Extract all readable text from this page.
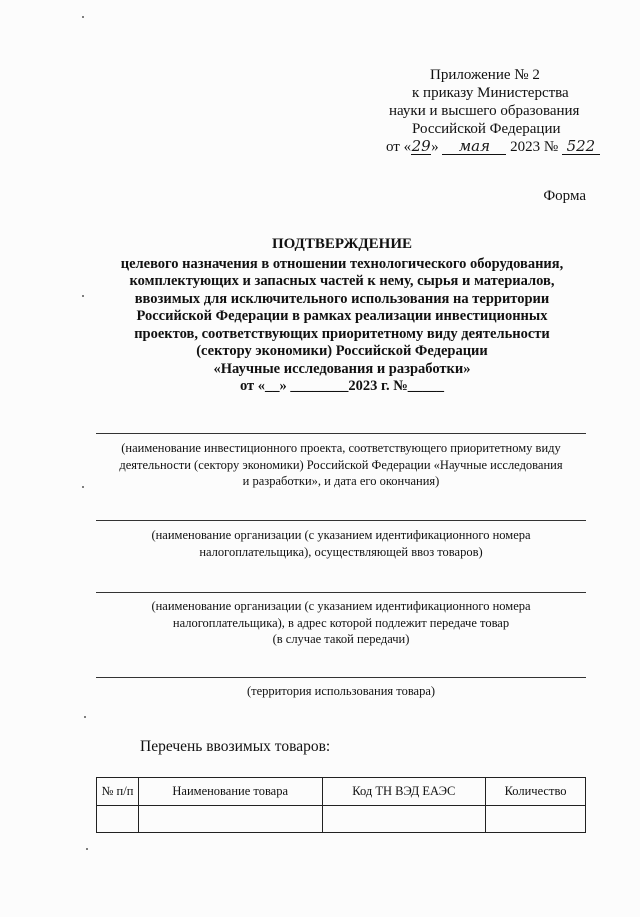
Приложение № 2
к приказу Министерства
науки и высшего образования
Российской Федерации
от «29» мая 2023 № 522
Форма
ПОДТВЕРЖДЕНИЕ
целевого назначения в отношении технологического оборудования,
комплектующих и запасных частей к нему, сырья и материалов,
ввозимых для исключительного использования на территории
Российской Федерации в рамках реализации инвестиционных
проектов, соответствующих приоритетному виду деятельности
(сектору экономики) Российской Федерации
«Научные исследования и разработки»
от «__» ________2023 г. №_____
(наименование инвестиционного проекта, соответствующего приоритетному виду
деятельности (сектору экономики) Российской Федерации «Научные исследования
и разработки», и дата его окончания)
(наименование организации (с указанием идентификационного номера
налогоплательщика), осуществляющей ввоз товаров)
(наименование организации (с указанием идентификационного номера
налогоплательщика), в адрес которой подлежит передаче товар
(в случае такой передачи)
(территория использования товара)
Перечень ввозимых товаров:
№ п/п	Наименование товара	Код ТН ВЭД ЕАЭС	Количество
